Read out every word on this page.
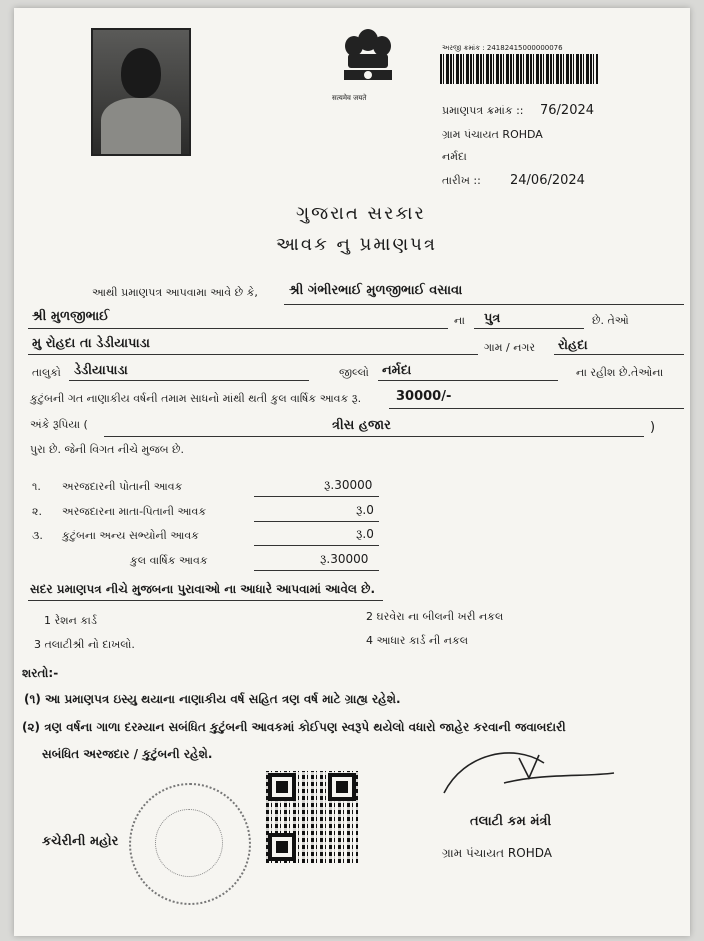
सत्यमेव जयते
અરજી ક્રમાંક : 24182415000000076
પ્રમાણપત્ર ક્રમાંક :: 76/2024
ગ્રામ પંચાયત ROHDA
નર્મદા
તારીખ :: 24/06/2024
ગુજરાત સરકાર
આવક નુ પ્રમાણપત્ર
આથી પ્રમાણપત્ર આપવામા આવે છે કે, શ્રી ગંભીરભાઈ મુળજીભાઈ વસાવા
શ્રી મુળજીભાઈ	ના પુત્ર	છે. તેઓ
મુ રોહદા તા ડેડીયાપાડા	ગામ / નગર રોહદા
તાલુકો ડેડીયાપાડા	જીલ્લો નર્મદા	ના રહીશ છે.તેઓના
કુટુંબની ગત નાણાકીય વર્ષની તમામ સાધનો માંથી થતી કુલ વાર્ષિક આવક રૂ.	30000/-
અંકે રૂપિયા (	ત્રીસ હજાર	)
પુરા છે. જેની વિગત નીચે મુજબ છે.
૧. અરજદારની પોતાની આવક	રૂ.30000
૨. અરજદારના માતા-પિતાની આવક	રૂ.0
૩. કુટુંબના અન્ય સભ્યોની આવક	રૂ.0
કુલ વાર્ષિક આવક	રૂ.30000
સદર પ્રમાણપત્ર નીચે મુજબના પુરાવાઓ ના આધારે આપવામાં આવેલ છે.
1 રેશન કાર્ડ	2 ઘરવેરા ના બીલની ખરી નકલ
3 તલાટીશ્રી નો દાખલો.	4 આધાર કાર્ડ ની નકલ
શરતો:-
(૧) આ પ્રમાણપત્ર ઇસ્યુ થયાના નાણાકીય વર્ષ સહિત ત્રણ વર્ષ માટે ગ્રાહ્ય રહેશે.
(૨) ત્રણ વર્ષના ગાળા દરમ્યાન સબંધિત કુટુંબની આવકમાં કોઈપણ સ્વરૂપે થયેલો વધારો જાહેર કરવાની જવાબદારી
સબંધિત અરજદાર / કુટુંબની રહેશે.
કચેરીની મહોર
તલાટી કમ મંત્રી
ગ્રામ પંચાયત ROHDA
